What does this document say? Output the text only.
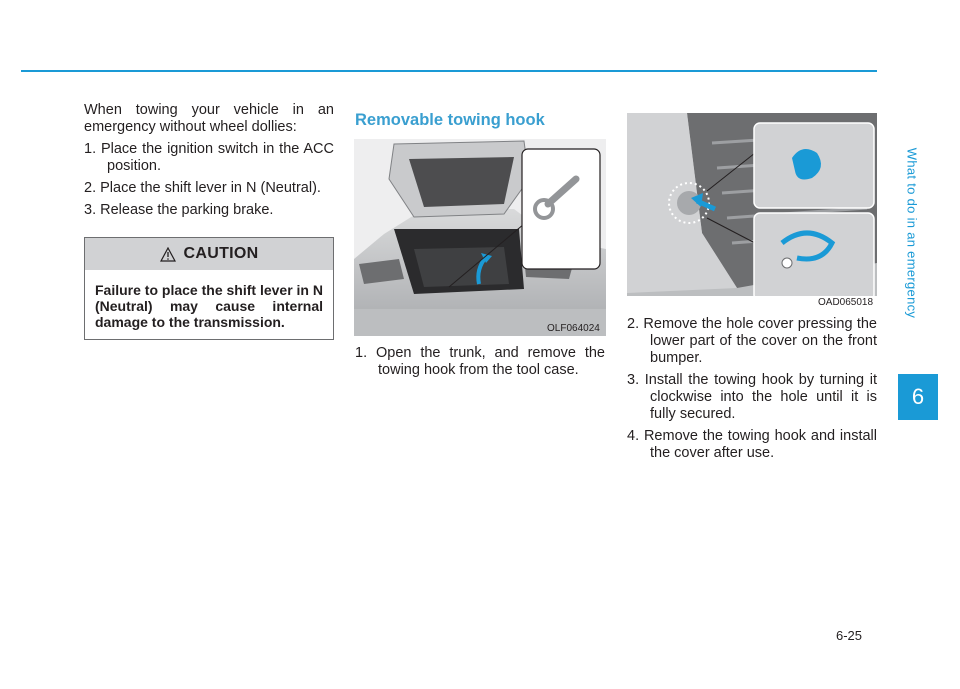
When towing your vehicle in an emergency without wheel dollies:

1. Place the ignition switch in the ACC position.
2. Place the shift lever in N (Neutral).
3. Release the parking brake.
CAUTION
Failure to place the shift lever in N (Neutral) may cause internal damage to the transmission.
Removable towing hook
OLF064024
1. Open the trunk, and remove the towing hook from the tool case.
OAD065018
2. Remove the hole cover pressing the lower part of the cover on the front bumper.
3. Install the towing hook by turning it clockwise into the hole until it is fully secured.
4. Remove the towing hook and install the cover after use.
What to do in an emergency
6
6-25
